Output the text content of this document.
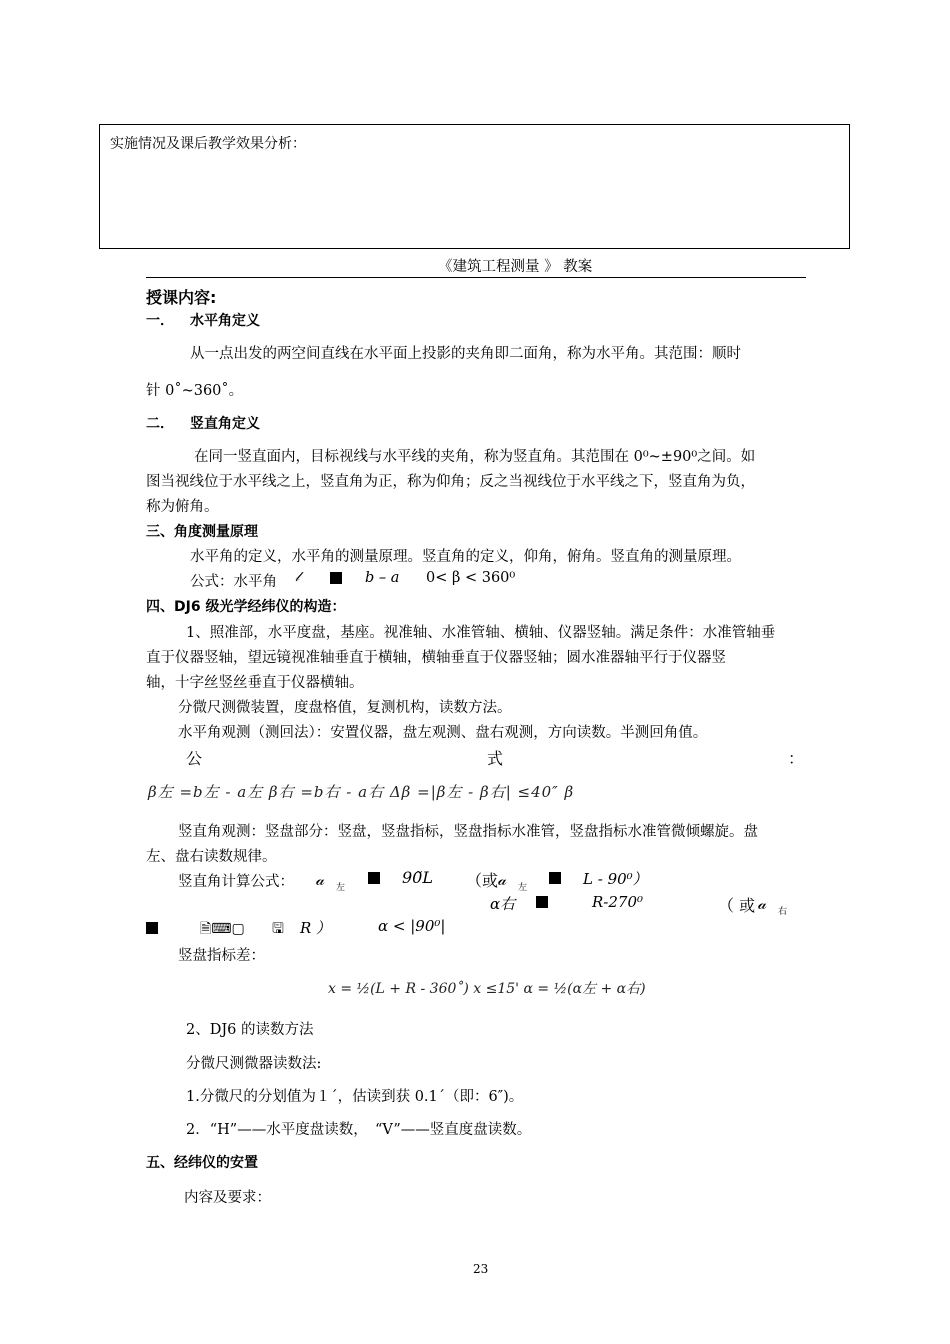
实施情况及课后教学效果分析：
《建筑工程测量 》 教案
授课内容:
一． 水平角定义
从一点出发的两空间直线在水平面上投影的夹角即二面角，称为水平角。其范围：顺时
针 0˚~360˚。
二． 竖直角定义
在同一竖直面内，目标视线与水平线的夹角，称为竖直角。其范围在 0⁰~±90⁰之间。如
图当视线位于水平线之上，竖直角为正，称为仰角；反之当视线位于水平线之下，竖直角为负，
称为俯角。
三、角度测量原理
水平角的定义，水平角的测量原理。竖直角的定义，仰角，俯角。竖直角的测量原理。
公式：水平角 𝓁	b – a 0< β < 360⁰
四、DJ6 级光学经纬仪的构造：
1、照准部，水平度盘，基座。视准轴、水准管轴、横轴、仪器竖轴。满足条件：水准管轴垂
直于仪器竖轴，望远镜视准轴垂直于横轴，横轴垂直于仪器竖轴；圆水准器轴平行于仪器竖
轴，十字丝竖丝垂直于仪器横轴。
分微尺测微装置，度盘格值，复测机构，读数方法。
水平角观测（测回法）：安置仪器，盘左观测、盘右观测，方向读数。半测回角值。
公	式	：
β左 =b左 - a左 β右 =b右 - a右 Δβ =|β左 - β右| ≤40″ β
竖直角观测：竖盘部分：竖盘，竖盘指标，竖盘指标水准管，竖盘指标水准管微倾螺旋。盘
左、盘右读数规律。
竖直角计算公式： 𝒶 左
90̃L （或 𝒶 左	L - 90⁰）
α右	R-270⁰	（ 或 𝒶 右
🗎⌨▢ 🖫 R ）	α < |90⁰|
竖盘指标差：
x = ½(L + R - 360˚) x ≤15' α = ½(α左 + α右)
2、DJ6 的读数方法
分微尺测微器读数法:
1.分微尺的分划值为１´，估读到获 0.1´（即：6″)。
2．“H”——水平度盘读数，　“V”——竖直度盘读数。
五、经纬仪的安置
内容及要求：
23
